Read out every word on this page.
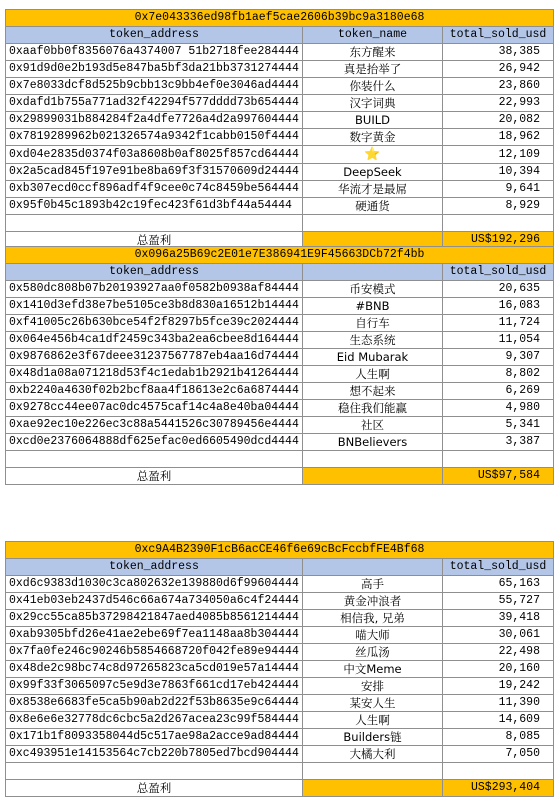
0x7e043336ed98fb1aef5cae2606b39bc9a3180e68		
token_address	token_name	total_sold_usd
0xaaf0bb0f8356076a4374007 51b2718fee284444	东方醒来	38,385
0x91d9d0e2b193d5e847ba5bf3da21bb3731274444	真是抬举了	26,942
0x7e8033dcf8d525b9cbb13c9bb4ef0e3046ad4444	你装什么	23,860
0xdafd1b755a771ad32f42294f577dddd73b654444	汉字词典	22,993
0x29899031b884284f2a4dfe7726a4d2a997604444	BUILD	20,082
0x7819289962b021326574a9342f1cabb0150f4444	数字黄金	18,962
0xd04e2835d0374f03a8608b0af8025f857cd64444	⭐	12,109
0x2a5cad845f197e91be8ba69f3f31570609d24444	DeepSeek	10,394
0xb307ecd0ccf896adf4f9cee0c74c8459be564444	华流才是最屌	9,641
0x95f0b45c1893b42c19fec423f61d3bf44a54444	硬通货	8,929

总盈利		US$192,296
0x096a25B69c2E01e7E386941E9F45663DCb72f4bb		
token_address		total_sold_usd
0x580dc808b07b20193927aa0f0582b0938af84444	币安模式	20,635
0x1410d3efd38e7be5105ce3b8d830a16512b14444	#BNB	16,083
0xf41005c26b630bce54f2f8297b5fce39c2024444	自行车	11,724
0x064e456b4ca1df2459c343ba2ea6cbee8d164444	生态系统	11,054
0x9876862e3f67deee31237567787eb4aa16d74444	Eid Mubarak	9,307
0x48d1a08a071218d53f4c1edab1b2921b41264444	人生啊	8,802
0xb2240a4630f02b2bcf8aa4f18613e2c6a6874444	想不起来	6,269
0x9278cc44ee07ac0dc4575caf14c4a8e40ba04444	稳住我们能赢	4,980
0xae92ec10e226ec3c88a5441526c30789456e4444	社区	5,341
0xcd0e2376064888df625efac0ed6605490dcd4444	BNBelievers	3,387

总盈利		US$97,584
0xc9A4B2390F1cB6acCE46f6e69cBcFccbfFE4Bf68		
token_address		total_sold_usd
0xd6c9383d1030c3ca802632e139880d6f99604444	高手	65,163
0x41eb03eb2437d546c66a674a734050a6c4f24444	黄金冲浪者	55,727
0x29cc55ca85b37298421847aed4085b8561214444	相信我, 兄弟	39,418
0xab9305bfd26e41ae2ebe69f7ea1148aa8b304444	喵大师	30,061
0x7fa0fe246c90246b5854668720f042fe89e94444	丝瓜汤	22,498
0x48de2c98bc74c8d97265823ca5cd019e57a14444	中文Meme	20,160
0x99f33f3065097c5e9d3e7863f661cd17eb424444	安排	19,242
0x8538e6683fe5ca5b90ab2d22f53b8635e9c64444	某安人生	11,390
0x8e6e6e32778dc6cbc5a2d267acea23c99f584444	人生啊	14,609
0x171b1f8093358044d5c517ae98a2acce9ad84444	Builders链	8,085
0xc493951e14153564c7cb220b7805ed7bcd904444	大橘大利	7,050

总盈利		US$293,404
